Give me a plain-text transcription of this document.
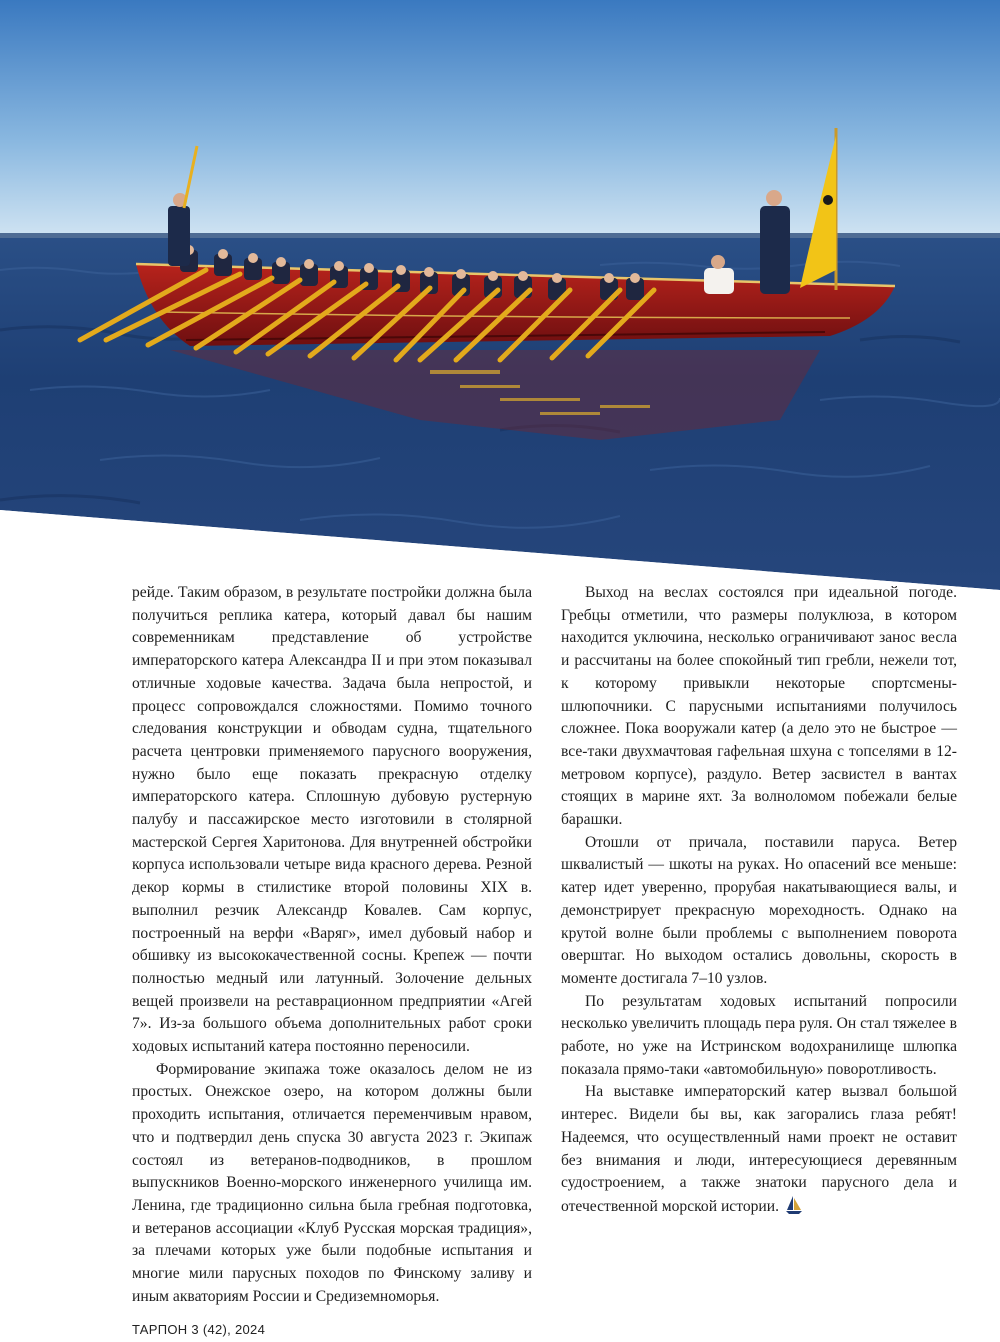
рейде. Таким образом, в результате постройки должна была получиться реплика катера, который давал бы нашим современникам представление об устройстве императорского катера Александра II и при этом показывал отличные ходовые качества. Задача была непростой, и процесс сопровождался сложностями. Помимо точного следования конструкции и обводам судна, тщательного расчета центровки применяемого парусного вооружения, нужно было еще показать прекрасную отделку императорского катера. Сплошную дубовую рустерную палубу и пассажирское место изготовили в столярной мастерской Сергея Харитонова. Для внутренней обстройки корпуса использовали четыре вида красного дерева. Резной декор кормы в стилистике второй половины XIX в. выполнил резчик Александр Ковалев. Сам корпус, построенный на верфи «Варяг», имел дубовый набор и обшивку из высококачественной сосны. Крепеж — почти полностью медный или латунный. Золочение дельных вещей произвели на реставрационном предприятии «Агей 7». Из-за большого объема дополнительных работ сроки ходовых испытаний катера постоянно переносили.

Формирование экипажа тоже оказалось делом не из простых. Онежское озеро, на котором должны были проходить испытания, отличается переменчивым нравом, что и подтвердил день спуска 30 августа 2023 г. Экипаж состоял из ветеранов-подводников, в прошлом выпускников Военно-морского инженерного училища им. Ленина, где традиционно сильна была гребная подготовка, и ветеранов ассоциации «Клуб Русская морская традиция», за плечами которых уже были подобные испытания и многие мили парусных походов по Финскому заливу и иным акваториям России и Средиземноморья.

Выход на веслах состоялся при идеальной погоде. Гребцы отметили, что размеры полуклюза, в котором находится уключина, несколько ограничивают занос весла и рассчитаны на более спокойный тип гребли, нежели тот, к которому привыкли некоторые спортсмены-шлюпочники. С парусными испытаниями получилось сложнее. Пока вооружали катер (а дело это не быстрое — все-таки двухмачтовая гафельная шхуна с топселями в 12-метровом корпусе), раздуло. Ветер засвистел в вантах стоящих в марине яхт. За волноломом побежали белые барашки.

Отошли от причала, поставили паруса. Ветер шквалистый — шкоты на руках. Но опасений все меньше: катер идет уверенно, прорубая накатывающиеся валы, и демонстрирует прекрасную мореходность. Однако на крутой волне были проблемы с выполнением поворота оверштаг. Но выходом остались довольны, скорость в моменте достигала 7–10 узлов.

По результатам ходовых испытаний попросили несколько увеличить площадь пера руля. Он стал тяжелее в работе, но уже на Истринском водохранилище шлюпка показала прямо-таки «автомобильную» поворотливость.

На выставке императорский катер вызвал большой интерес. Видели бы вы, как загорались глаза ребят! Надеемся, что осуществленный нами проект не оставит без внимания и люди, интересующиеся деревянным судостроением, а также знатоки парусного дела и отечественной морской истории.

ТАРПОН 3 (42), 2024
